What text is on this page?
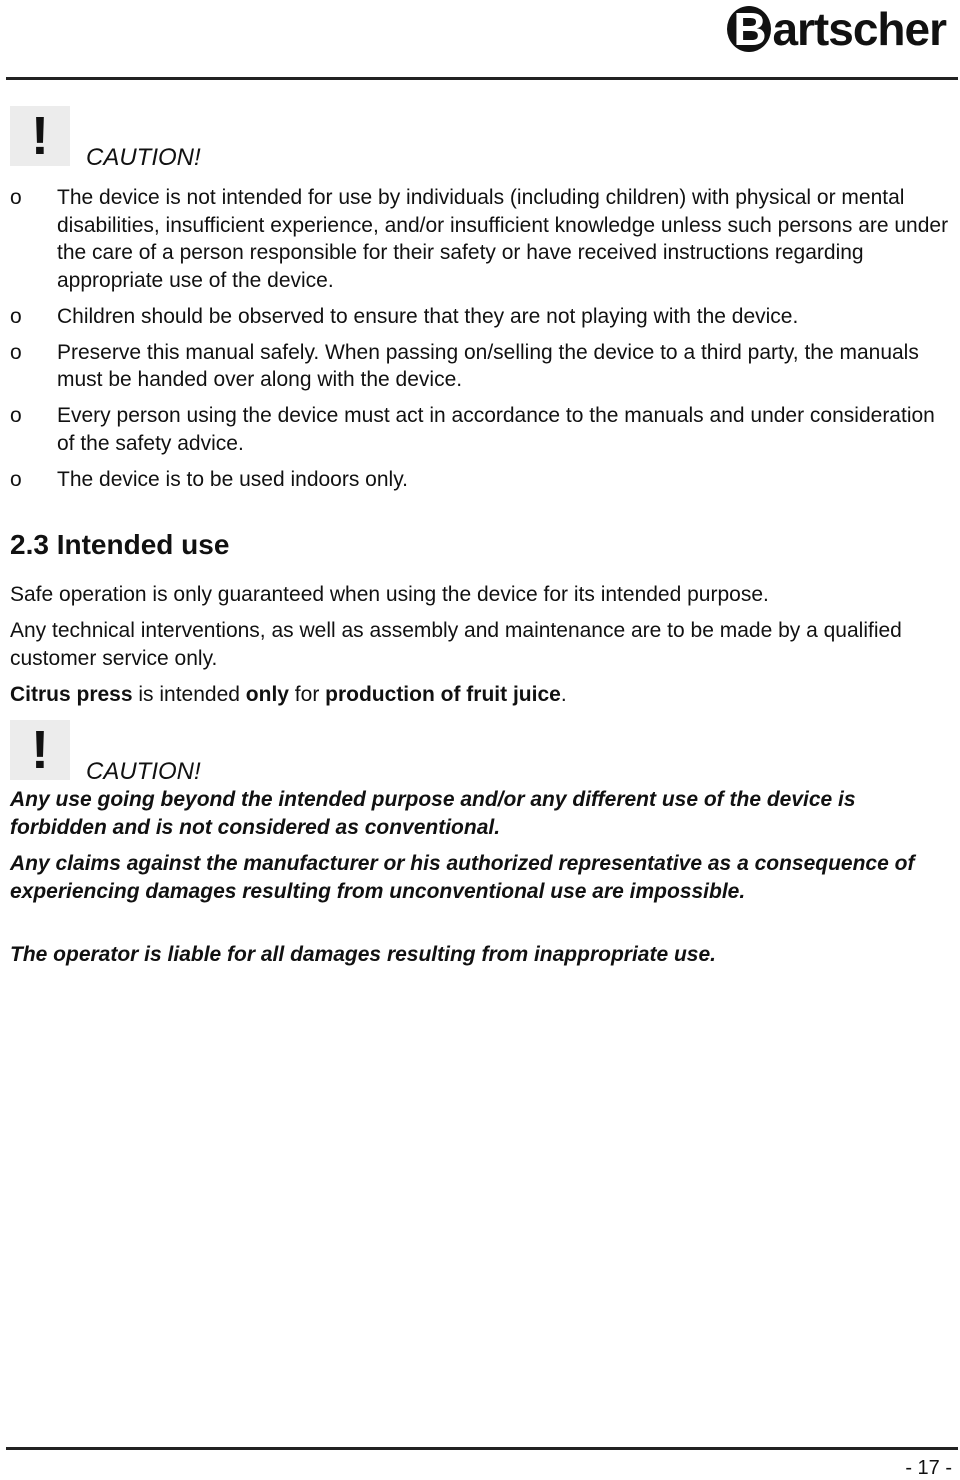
B artscher
! CAUTION!
o	The device is not intended for use by individuals (including children) with physical or mental disabilities, insufficient experience, and/or insufficient knowledge unless such persons are under the care of a person responsible for their safety or have received instructions regarding appropriate use of the device.
o	Children should be observed to ensure that they are not playing with the device.
o	Preserve this manual safely. When passing on/selling the device to a third party, the manuals must be handed over along with the device.
o	Every person using the device must act in accordance to the manuals and under consideration of the safety advice.
o	The device is to be used indoors only.
2.3 Intended use

Safe operation is only guaranteed when using the device for its intended purpose.

Any technical interventions, as well as assembly and maintenance are to be made by a qualified customer service only.

Citrus press is intended only for production of fruit juice.

! CAUTION!

Any use going beyond the intended purpose and/or any different use of the device is forbidden and is not considered as conventional.

Any claims against the manufacturer or his authorized representative as a consequence of experiencing damages resulting from unconventional use are impossible.

The operator is liable for all damages resulting from inappropriate use.

- 17 -
